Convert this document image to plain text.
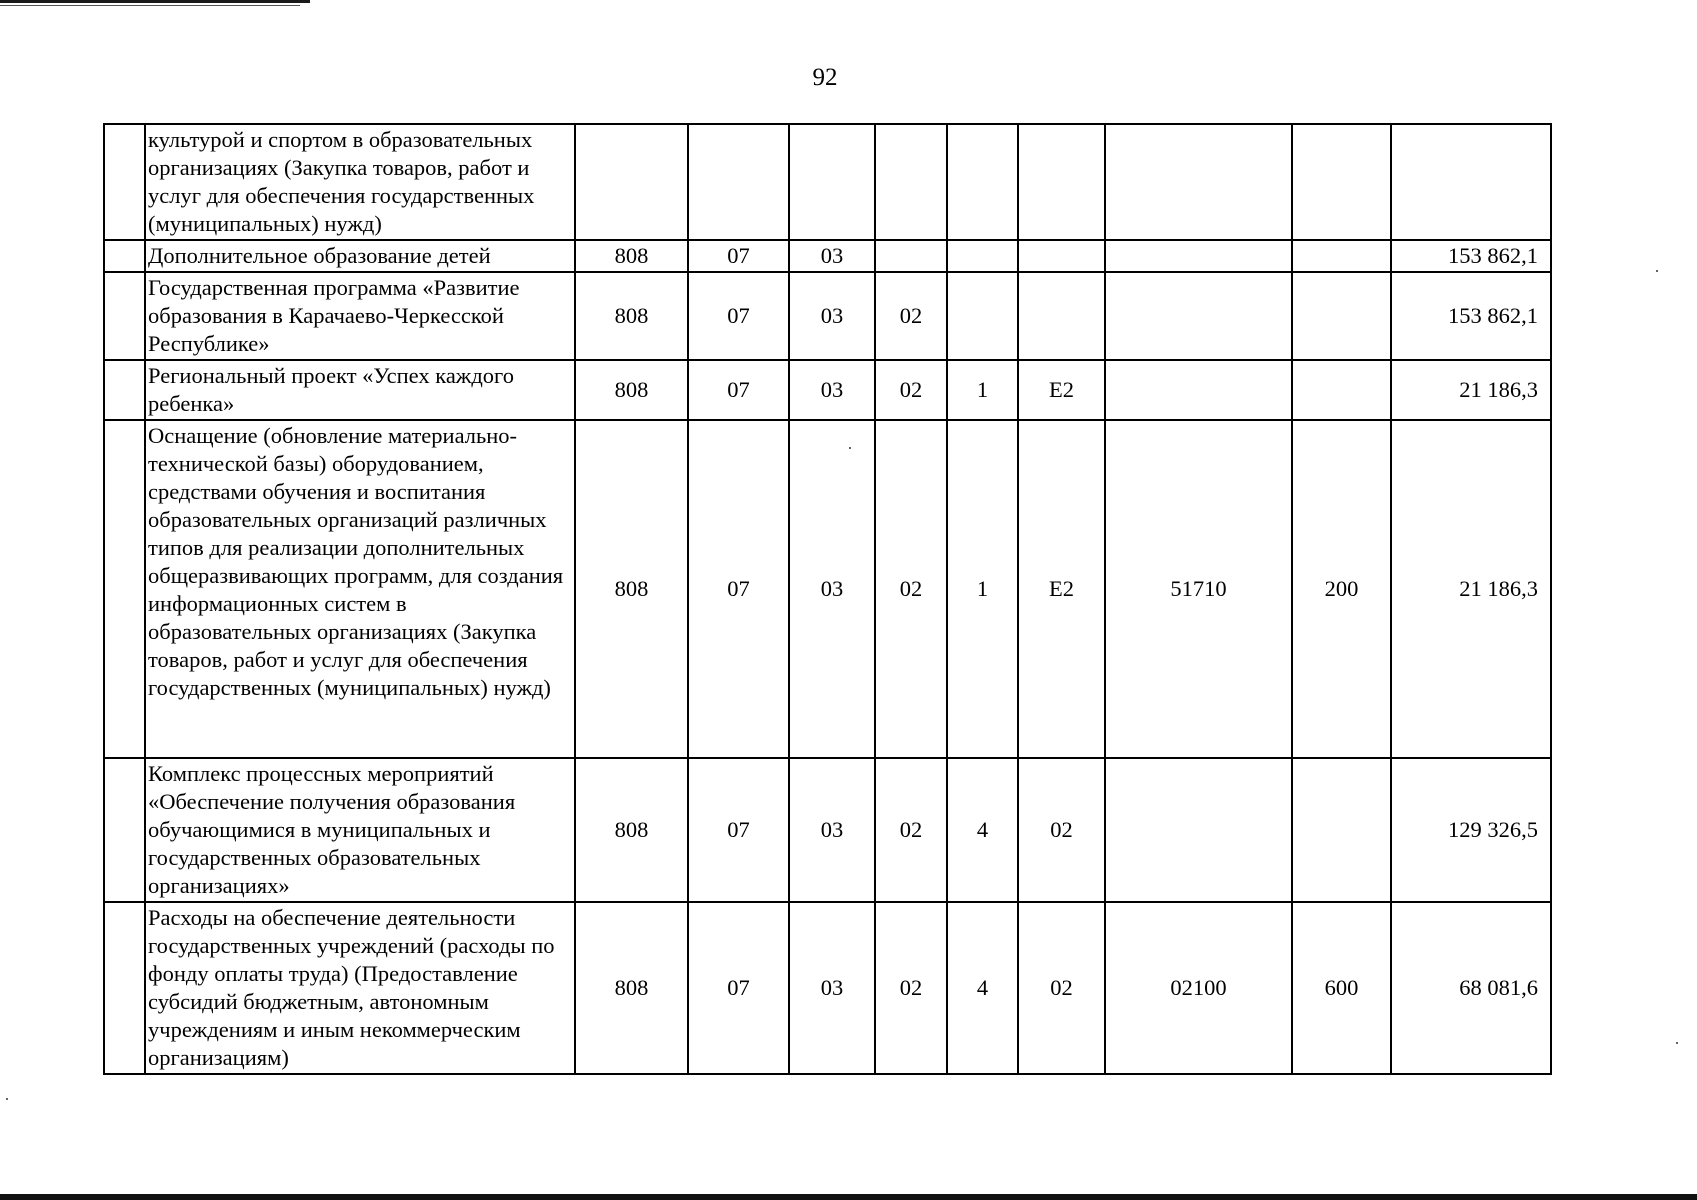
92
	культурой и спортом в образовательных организациях (Закупка товаров, работ и услуг для обеспечения государственных (муниципальных) нужд)									
	Дополнительное образование детей	808	07	03						153 862,1
	Государственная программа «Развитие образования в Карачаево-Черкесской Республике»	808	07	03	02					153 862,1
	Региональный проект «Успех каждого ребенка»	808	07	03	02	1	Е2			21 186,3
	Оснащение (обновление материально-технической базы) оборудованием, средствами обучения и воспитания образовательных организаций различных типов для реализации дополнительных общеразвивающих программ, для создания информационных систем в образовательных организациях (Закупка товаров, работ и услуг для обеспечения государственных (муниципальных) нужд)	808	07	03	02	1	Е2	51710	200	21 186,3
	Комплекс процессных мероприятий «Обеспечение получения образования обучающимися в муниципальных и государственных образовательных организациях»	808	07	03	02	4	02			129 326,5
	Расходы на обеспечение деятельности государственных учреждений (расходы по фонду оплаты труда) (Предоставление субсидий бюджетным, автономным учреждениям и иным некоммерческим организациям)	808	07	03	02	4	02	02100	600	68 081,6
